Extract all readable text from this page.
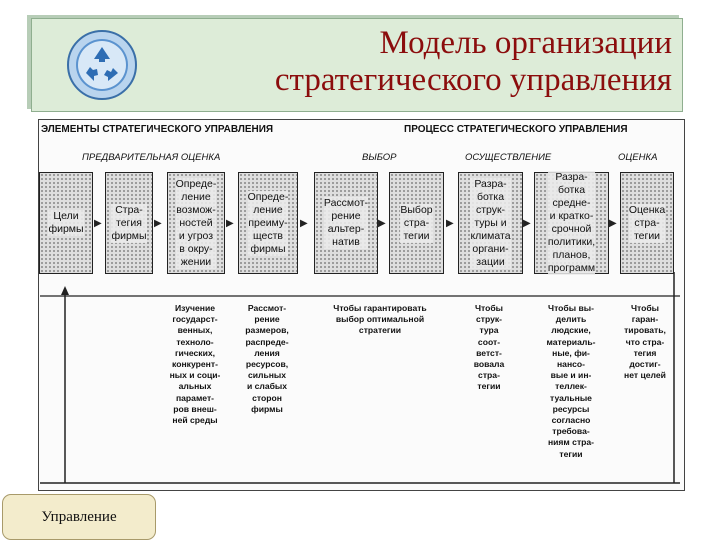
Модель организации
стратегического управления
ЭЛЕМЕНТЫ СТРАТЕГИЧЕСКОГО УПРАВЛЕНИЯ	ПРОЦЕСС СТРАТЕГИЧЕСКОГО УПРАВЛЕНИЯ
ПРЕДВАРИТЕЛЬНАЯ ОЦЕНКА	ВЫБОР	ОСУЩЕСТВЛЕНИЕ	ОЦЕНКА
Цели
фирмы
Стра-
тегия
фирмы
Опреде-
ление
возмож-
ностей
и угроз
в окру-
жении
Опреде-
ление
преиму-
ществ
фирмы
Рассмот-
рение
альтер-
натив
Выбор
стра-
тегии
Разра-
ботка
струк-
туры и
климата
органи-
зации
Разра-
ботка
средне-
и кратко-
срочной
политики,
планов,
программ
Оценка
стра-
тегии
▶	▶	▶	▶	▶	▶	▶	▶
Изучение
государст-
венных,
техноло-
гических,
конкурент-
ных и соци-
альных
парамет-
ров внеш-
ней среды
Рассмот-
рение
размеров,
распреде-
ления
ресурсов,
сильных
и слабых
сторон
фирмы
Чтобы гарантировать
выбор оптимальной
стратегии
Чтобы
струк-
тура
соот-
ветст-
вовала
стра-
тегии
Чтобы вы-
делить
людские,
материаль-
ные, фи-
нансо-
вые и ин-
теллек-
туальные
ресурсы
согласно
требова-
ниям стра-
тегии
Чтобы
гаран-
тировать,
что стра-
тегия
достиг-
нет целей
Управление
